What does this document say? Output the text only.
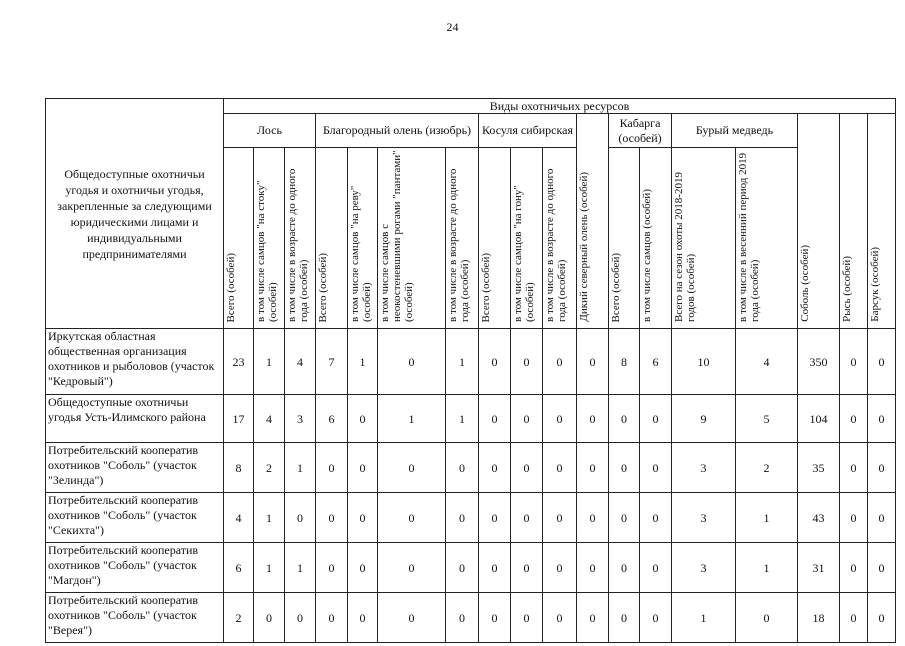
24
Общедоступные охотничьи угодья и охотничьи угодья, закрепленные за следующими юридическими лицами и индивидуальными предпринимателями	Виды охотничьих ресурсов																	
	Лось			Благородный олень (изюбрь)				Косуля сибирская			Дикий северный олень (особей)	Кабарга (особей)		Бурый медведь		Соболь (особей)	Рысь (особей)	Барсук (особей)
	Всего (особей)	в том числе самцов "на стоку" (особей)	в том числе в возрасте до одного года (особей)	Всего (особей)	в том числе самцов "на реву" (особей)	в том числе самцов с неокостеневшими рогами "пантами" (особей)	в том числе в возрасте до одного года (особей)	Всего (особей)	в том числе самцов "на гону" (особей)	в том числе в возрасте до одного года (особей)		Всего (особей)	в том числе самцов (особей)	Всего на сезон охоты 2018-2019 годов (особей)	в том числе в весенний период 2019 года (особей)			
Иркутская областная общественная организация охотников и рыболовов (участок "Кедровый")	23	1	4	7	1	0	1	0	0	0	0	8	6	10	4	350	0	0
Общедоступные охотничьи угодья Усть-Илимского района	17	4	3	6	0	1	1	0	0	0	0	0	0	9	5	104	0	0
Потребительский кооператив охотников "Соболь" (участок "Зелинда")	8	2	1	0	0	0	0	0	0	0	0	0	0	3	2	35	0	0
Потребительский кооператив охотников "Соболь" (участок "Секихта")	4	1	0	0	0	0	0	0	0	0	0	0	0	3	1	43	0	0
Потребительский кооператив охотников "Соболь" (участок "Магдон")	6	1	1	0	0	0	0	0	0	0	0	0	0	3	1	31	0	0
Потребительский кооператив охотников "Соболь" (участок "Верея")	2	0	0	0	0	0	0	0	0	0	0	0	0	1	0	18	0	0
